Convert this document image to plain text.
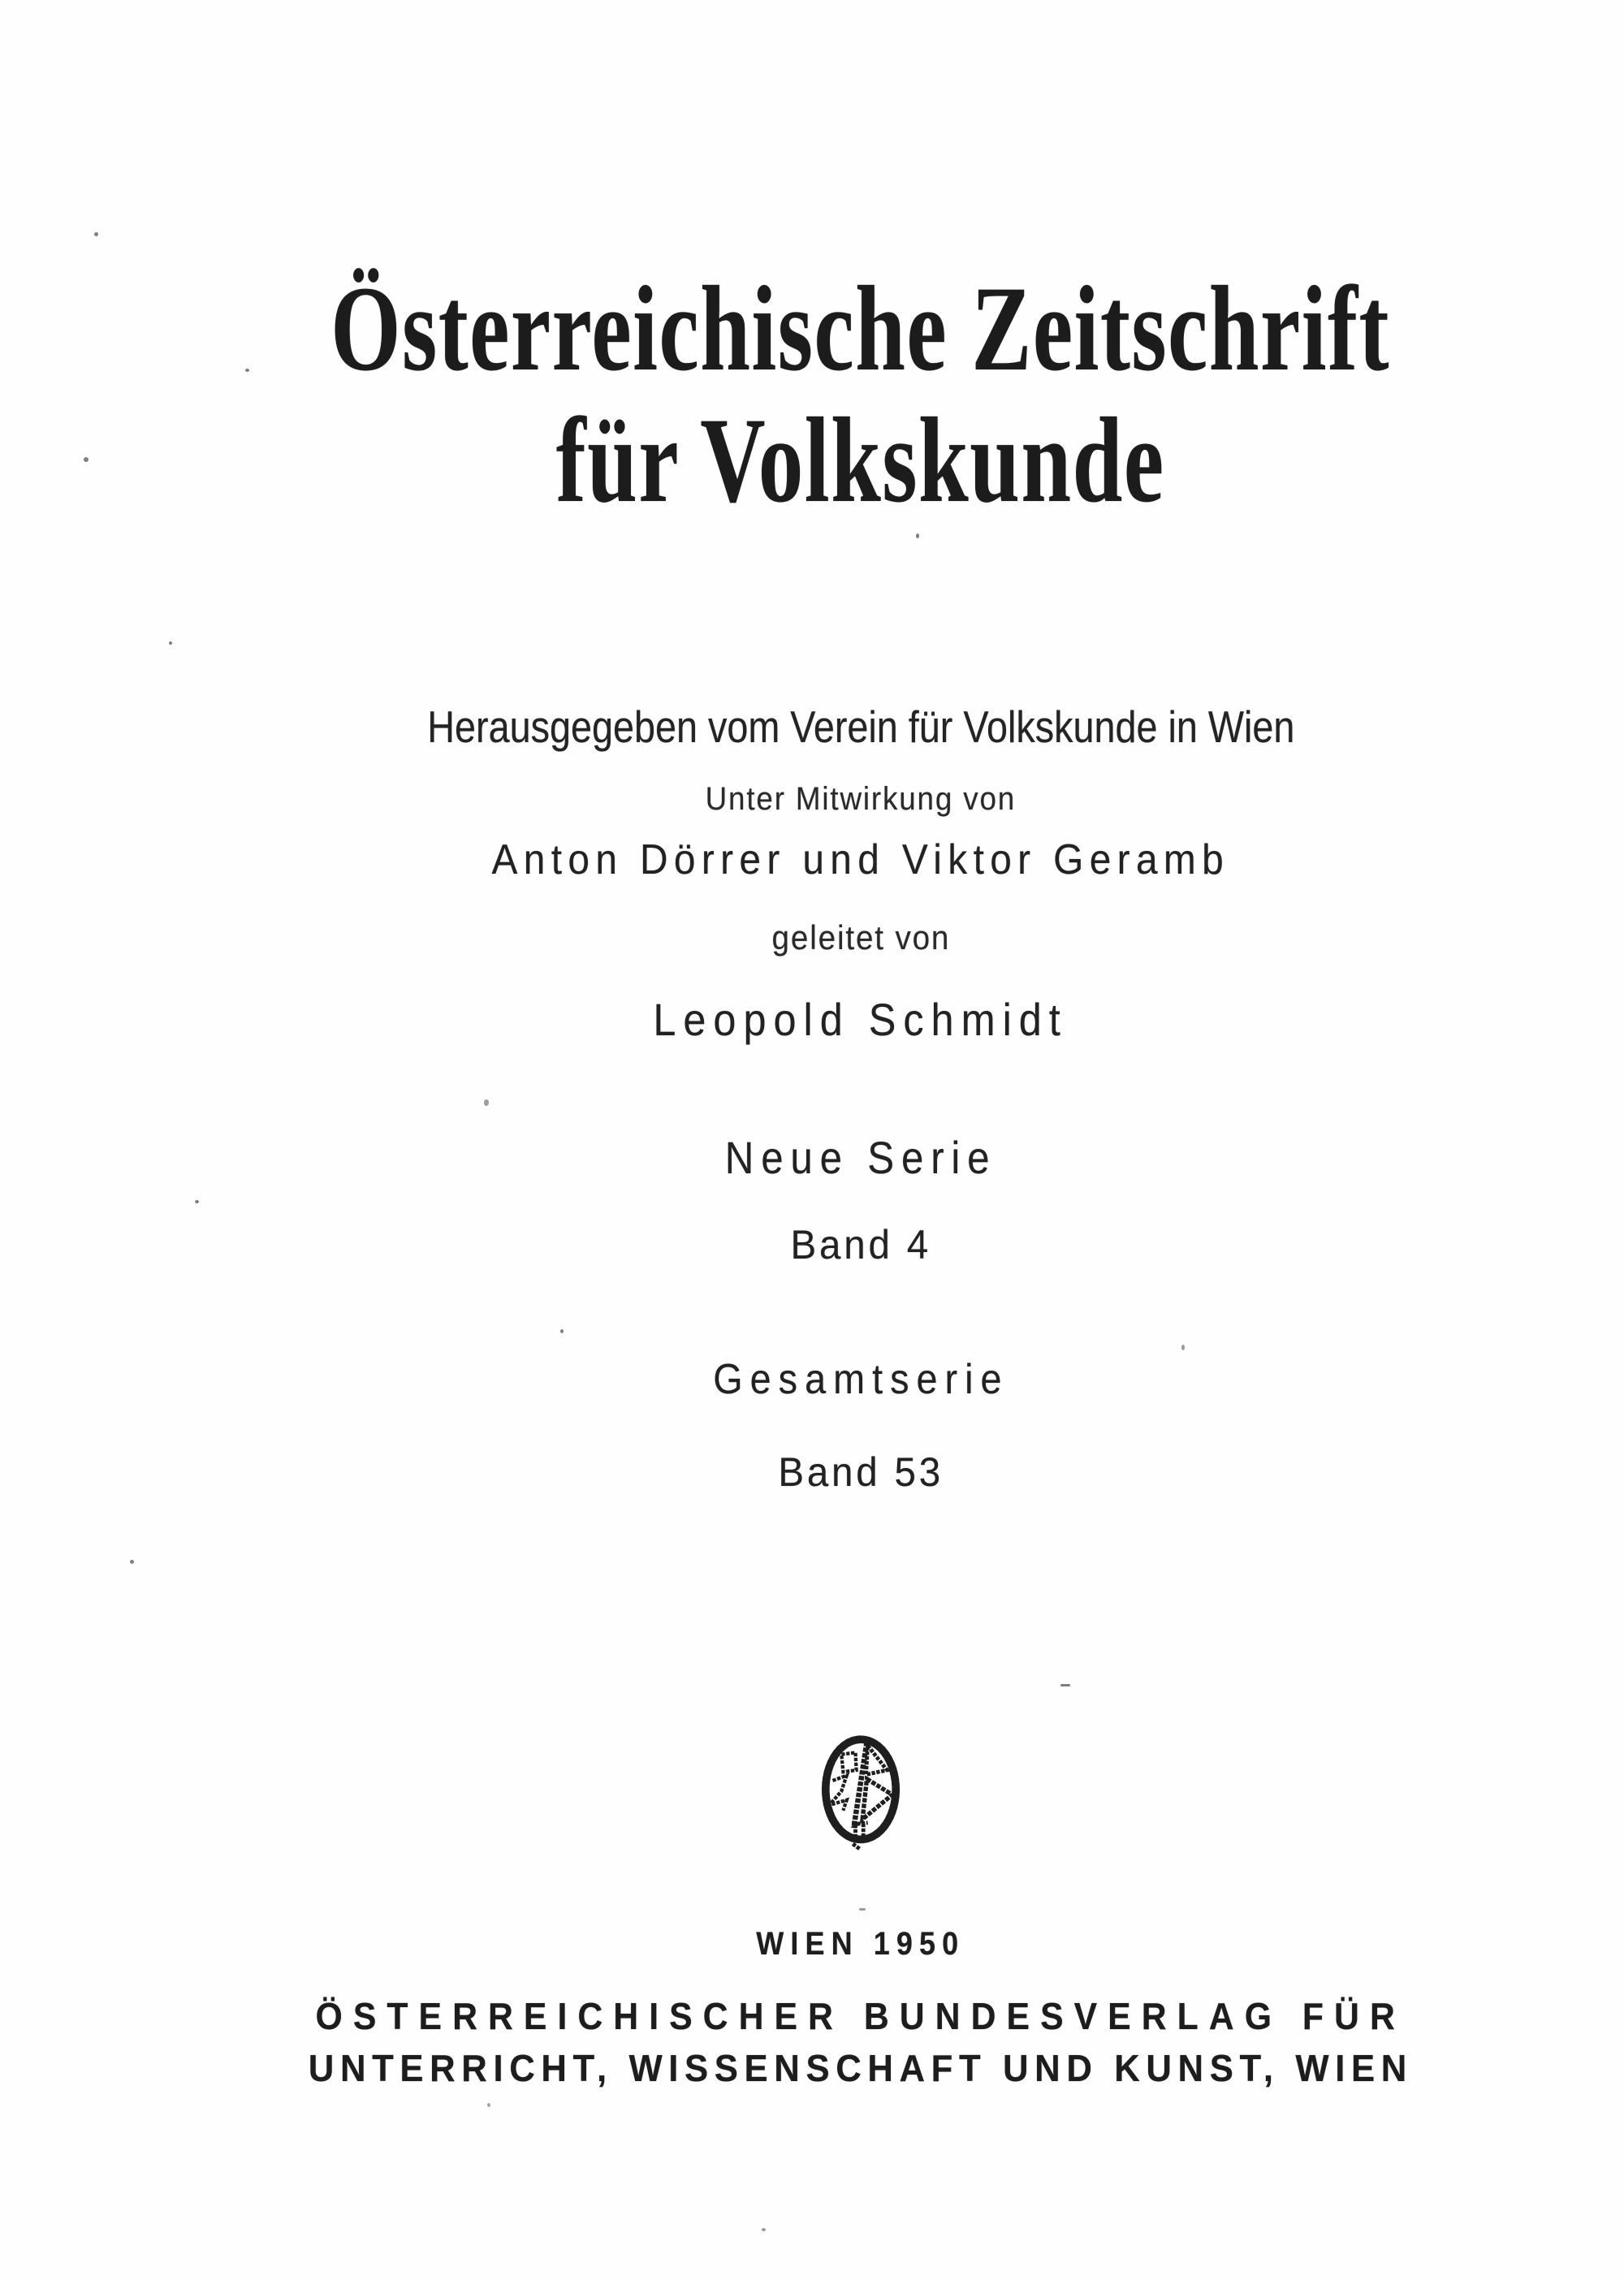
Österreichische Zeitschrift
für Volkskunde
Herausgegeben vom Verein für Volkskunde in Wien
Unter Mitwirkung von
Anton Dörrer und Viktor Geramb
geleitet von
Leopold Schmidt
Neue Serie
Band 4
Gesamtserie
Band 53
WIEN 1950
ÖSTERREICHISCHER BUNDESVERLAG FÜR
UNTERRICHT, WISSENSCHAFT UND KUNST, WIEN
